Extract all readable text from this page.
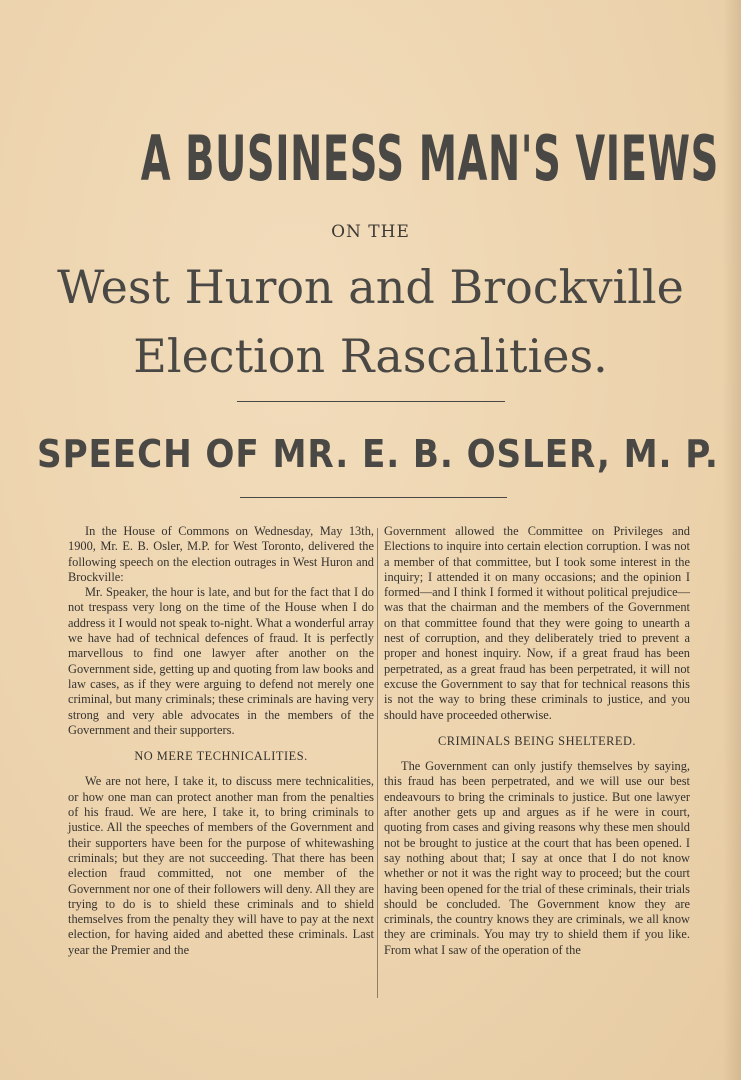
A BUSINESS MAN'S VIEWS
ON THE
West Huron and Brockville
Election Rascalities.
SPEECH OF MR. E. B. OSLER, M. P.

In the House of Commons on Wednesday, May 13th, 1900, Mr. E. B. Osler, M.P. for West Toronto, delivered the following speech on the election outrages in West Huron and Brockville:

Mr. Speaker, the hour is late, and but for the fact that I do not trespass very long on the time of the House when I do address it I would not speak to-night. What a wonderful array we have had of technical defences of fraud. It is perfectly marvellous to find one lawyer after another on the Government side, getting up and quoting from law books and law cases, as if they were arguing to defend not merely one criminal, but many criminals; these criminals are having very strong and very able advocates in the members of the Government and their supporters.

NO MERE TECHNICALITIES.

We are not here, I take it, to discuss mere technicalities, or how one man can protect another man from the penalties of his fraud. We are here, I take it, to bring criminals to justice. All the speeches of members of the Government and their supporters have been for the purpose of whitewashing criminals; but they are not succeeding. That there has been election fraud committed, not one member of the Government nor one of their followers will deny. All they are trying to do is to shield these criminals and to shield themselves from the penalty they will have to pay at the next election, for having aided and abetted these criminals. Last year the Premier and the

Government allowed the Committee on Privileges and Elections to inquire into certain election corruption. I was not a member of that committee, but I took some interest in the inquiry; I attended it on many occasions; and the opinion I formed—and I think I formed it without political prejudice—was that the chairman and the members of the Government on that committee found that they were going to unearth a nest of corruption, and they deliberately tried to prevent a proper and honest inquiry. Now, if a great fraud has been perpetrated, as a great fraud has been perpetrated, it will not excuse the Government to say that for technical reasons this is not the way to bring these criminals to justice, and you should have proceeded otherwise.

CRIMINALS BEING SHELTERED.

The Government can only justify themselves by saying, this fraud has been perpetrated, and we will use our best endeavours to bring the criminals to justice. But one lawyer after another gets up and argues as if he were in court, quoting from cases and giving reasons why these men should not be brought to justice at the court that has been opened. I say nothing about that; I say at once that I do not know whether or not it was the right way to proceed; but the court having been opened for the trial of these criminals, their trials should be concluded. The Government know they are criminals, the country knows they are criminals, we all know they are criminals. You may try to shield them if you like. From what I saw of the operation of the
